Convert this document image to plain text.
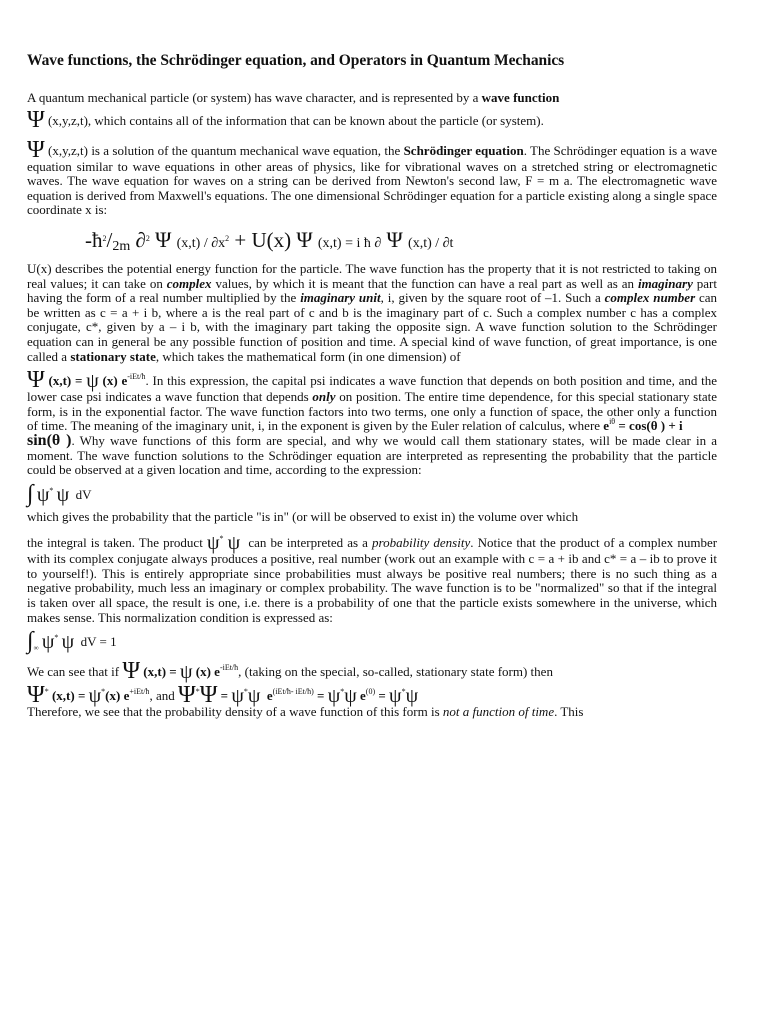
Wave functions, the Schrödinger equation, and Operators in Quantum Mechanics

A quantum mechanical particle (or system) has wave character, and is represented by a wave function

Ψ (x,y,z,t), which contains all of the information that can be known about the particle (or system).

Ψ (x,y,z,t) is a solution of the quantum mechanical wave equation, the Schrödinger equation. The Schrödinger equation is a wave equation similar to wave equations in other areas of physics, like for vibrational waves on a stretched string or electromagnetic waves. The wave equation for waves on a string can be derived from Newton's second law, F = m a. The electromagnetic wave equation is derived from Maxwell's equations. The one dimensional Schrödinger equation for a particle existing along a single space coordinate x is:

$-ħ^2/_{2m}$ ∂$^2$ Ψ $(x,t) / \partial x^2 + U(x)$ Ψ (x,t) = i ħ ∂ Ψ (x,t) / ∂t

U(x) describes the potential energy function for the particle. The wave function has the property that it is not restricted to taking on real values; it can take on complex values, by which it is meant that the function can have a real part as well as an imaginary part having the form of a real number multiplied by the imaginary unit, i, given by the square root of –1. Such a complex number can be written as c = a + i b, where a is the real part of c and b is the imaginary part of c. Such a complex number c has a complex conjugate, c*, given by a – i b, with the imaginary part taking the opposite sign. A wave function solution to the Schrödinger equation can in general be any possible function of position and time. A special kind of wave function, of great importance, is one called a stationary state, which takes the mathematical form (in one dimension) of

Ψ (x,t) = ψ (x) $e^{-iEt/ħ}$. In this expression, the capital psi indicates a wave function that depends on both position and time, and the lower case psi indicates a wave function that depends only on position. The entire time dependence, for this special stationary state form, is in the exponential factor. The wave function factors into two terms, one only a function of space, the other only a function of time. The meaning of the imaginary unit, i, in the exponent is given by the Euler relation of calculus, where $e^{i\theta} = \cos(\theta$ ) + i
sin(θ ). Why wave functions of this form are special, and why we would call them stationary states, will be made clear in a moment. The wave function solutions to the Schrödinger equation are interpreted as representing the probability that the particle could be observed at a given location and time, according to the expression:

∫ ψ* ψ dV

which gives the probability that the particle "is in" (or will be observed to exist in) the volume over which

the integral is taken. The product ψ* ψ can be interpreted as a probability density. Notice that the product of a complex number with its complex conjugate always produces a positive, real number (work out an example with c = a + ib and c* = a – ib to prove it to yourself!). This is entirely appropriate since probabilities must always be positive real numbers; there is no such thing as a negative probability, much less an imaginary or complex probability. The wave function is to be "normalized" so that if the integral is taken over all space, the result is one, i.e. there is a probability of one that the particle exists somewhere in the universe, which makes sense. This normalization condition is expressed as:

$\int_\infty$ ψ* ψ dV = 1

We can see that if Ψ (x,t) = ψ (x) $e^{-iEt/ħ}$, (taking on the special, so-called, stationary state form) then

Ψ* (x,t) = ψ*(x) $e^{+iEt/ħ}$, and Ψ*Ψ = ψ*ψ $e^{(iEt/ħ- iEt/ħ)} = \psi^*\psi$ $e^{(0)} = \psi^*\psi$
Therefore, we see that the probability density of a wave function of this form is not a function of time. This
